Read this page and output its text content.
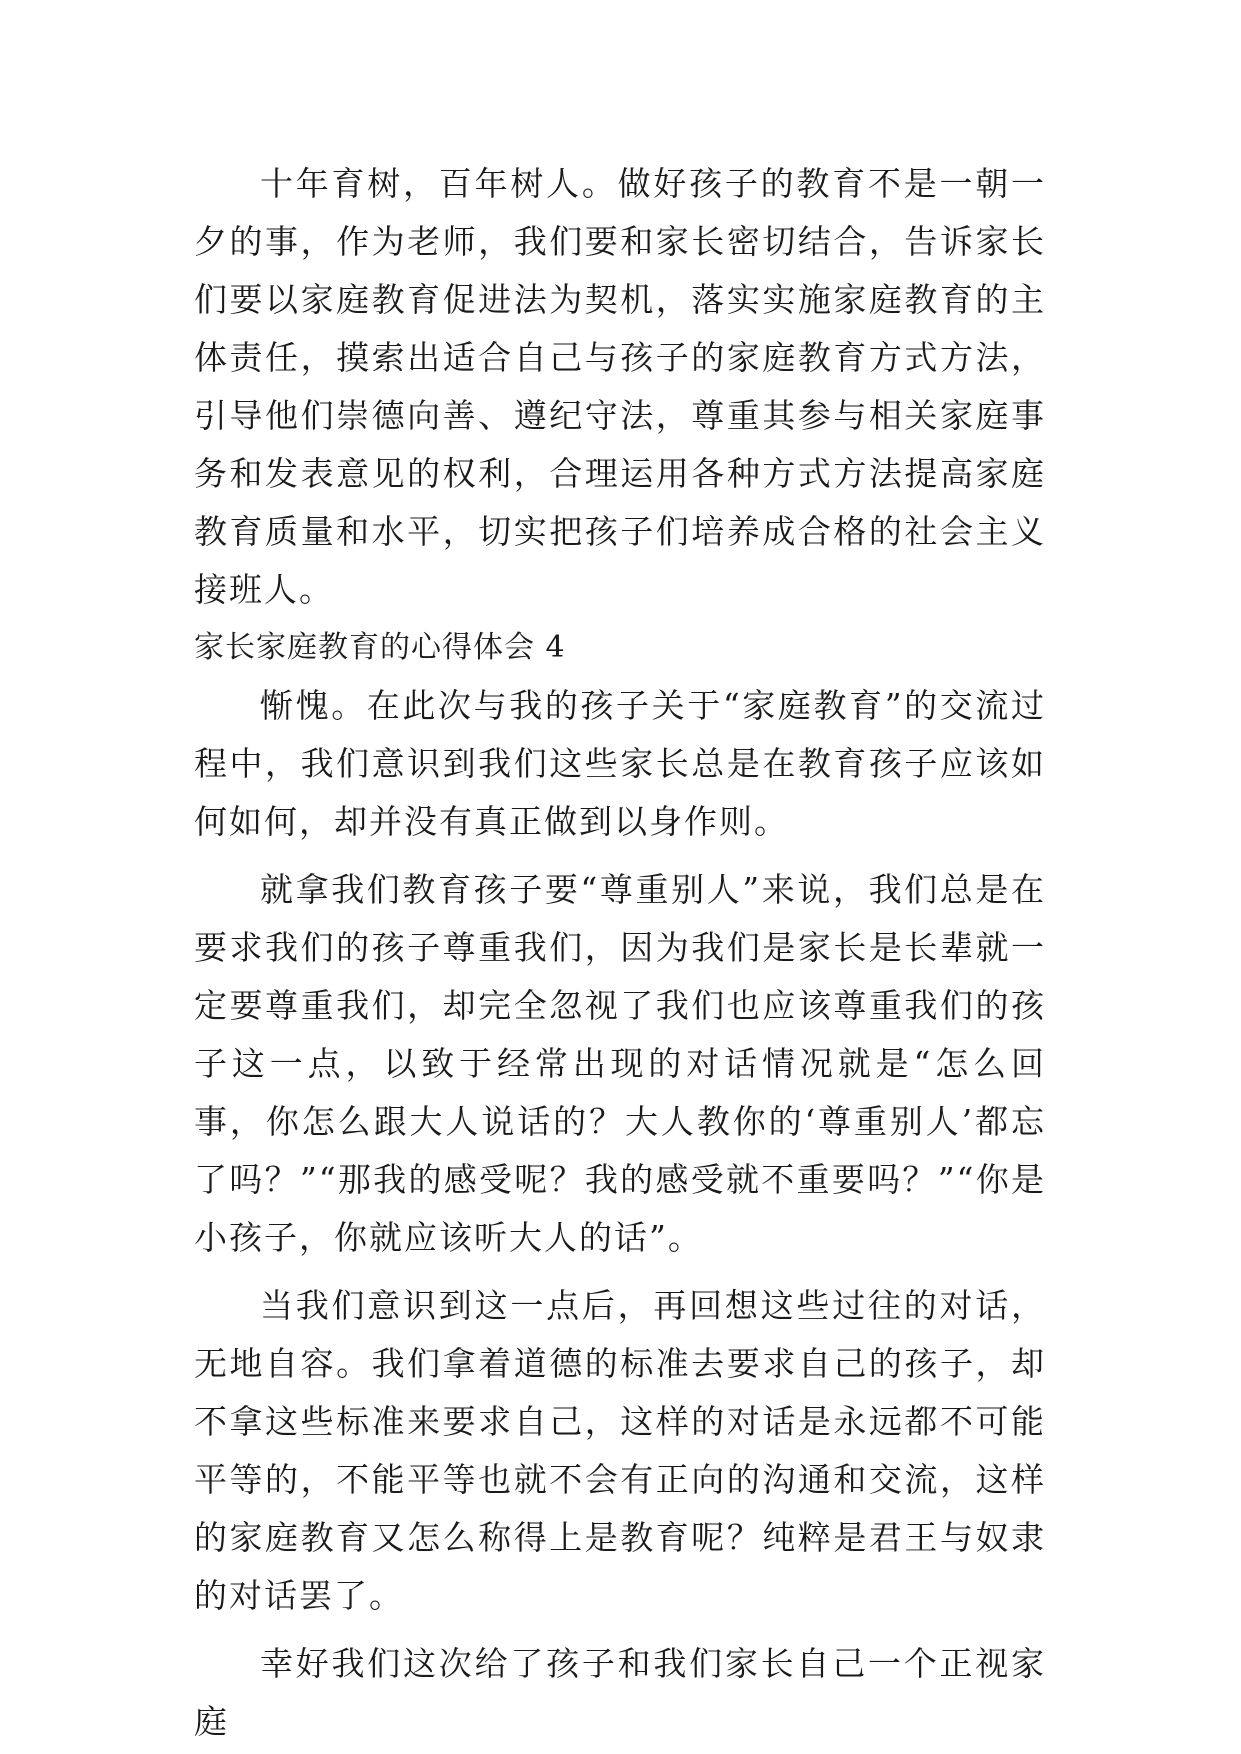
十年育树，百年树人。做好孩子的教育不是一朝一夕的事，作为老师，我们要和家长密切结合，告诉家长们要以家庭教育促进法为契机，落实实施家庭教育的主体责任，摸索出适合自己与孩子的家庭教育方式方法，引导他们崇德向善、遵纪守法，尊重其参与相关家庭事务和发表意见的权利，合理运用各种方式方法提高家庭教育质量和水平，切实把孩子们培养成合格的社会主义接班人。

家长家庭教育的心得体会 4

惭愧。在此次与我的孩子关于“家庭教育”的交流过程中，我们意识到我们这些家长总是在教育孩子应该如何如何，却并没有真正做到以身作则。

就拿我们教育孩子要“尊重别人”来说，我们总是在要求我们的孩子尊重我们，因为我们是家长是长辈就一定要尊重我们，却完全忽视了我们也应该尊重我们的孩子这一点，以致于经常出现的对话情况就是“怎么回事，你怎么跟大人说话的？大人教你的‘尊重别人’都忘了吗？”“那我的感受呢？我的感受就不重要吗？”“你是小孩子，你就应该听大人的话”。

当我们意识到这一点后，再回想这些过往的对话，无地自容。我们拿着道德的标准去要求自己的孩子，却不拿这些标准来要求自己，这样的对话是永远都不可能平等的，不能平等也就不会有正向的沟通和交流，这样的家庭教育又怎么称得上是教育呢？纯粹是君王与奴隶的对话罢了。

幸好我们这次给了孩子和我们家长自己一个正视家庭
